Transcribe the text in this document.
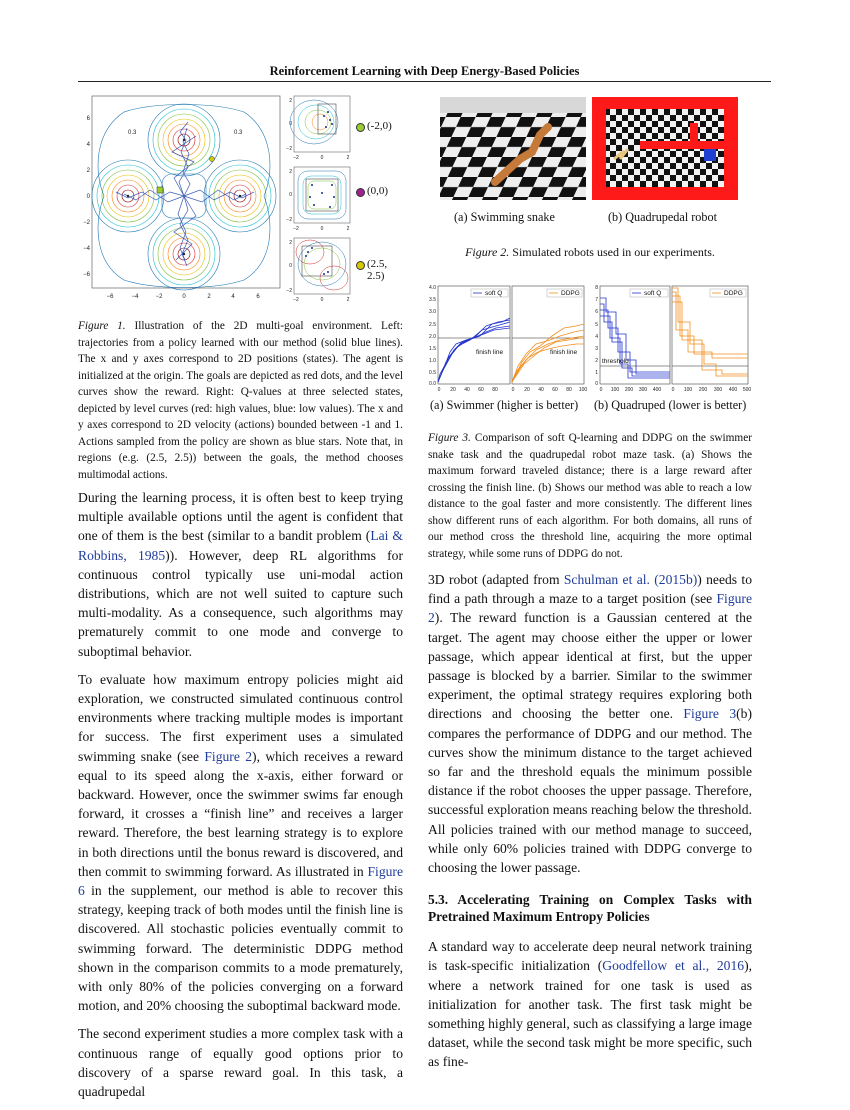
Reinforcement Learning with Deep Energy-Based Policies
0.3	0.3
6
4
2
0
−2
−4
−6
−6	−4	−2	0	2	4	6
2
0
−2
−2	0	2
2
0
−2
−2	0	2
2
0
−2
−2	0	2
(-2,0)
(0,0)
(2.5, 2.5)
Figure 1. Illustration of the 2D multi-goal environment. Left: trajectories from a policy learned with our method (solid blue lines). The x and y axes correspond to 2D positions (states). The agent is initialized at the origin. The goals are depicted as red dots, and the level curves show the reward. Right: Q-values at three selected states, depicted by level curves (red: high values, blue: low values). The x and y axes correspond to 2D velocity (actions) bounded between -1 and 1. Actions sampled from the policy are shown as blue stars. Note that, in regions (e.g. (2.5, 2.5)) between the goals, the method chooses multimodal actions.

During the learning process, it is often best to keep trying multiple available options until the agent is confident that one of them is the best (similar to a bandit problem (Lai & Robbins, 1985)). However, deep RL algorithms for continuous control typically use uni-modal action distributions, which are not well suited to capture such multi-modality. As a consequence, such algorithms may prematurely commit to one mode and converge to suboptimal behavior.

To evaluate how maximum entropy policies might aid exploration, we constructed simulated continuous control environments where tracking multiple modes is important for success. The first experiment uses a simulated swimming snake (see Figure 2), which receives a reward equal to its speed along the x-axis, either forward or backward. However, once the swimmer swims far enough forward, it crosses a “finish line” and receives a larger reward. Therefore, the best learning strategy is to explore in both directions until the bonus reward is discovered, and then commit to swimming forward. As illustrated in Figure 6 in the supplement, our method is able to recover this strategy, keeping track of both modes until the finish line is discovered. All stochastic policies eventually commit to swimming forward. The deterministic DDPG method shown in the comparison commits to a mode prematurely, with only 80% of the policies converging on a forward motion, and 20% choosing the suboptimal backward mode.

The second experiment studies a more complex task with a continuous range of equally good options prior to discovery of a sparse reward goal. In this task, a quadrupedal

(a) Swimming snake	(b) Quadrupedal robot
Figure 2. Simulated robots used in our experiments.
finish line	finish line
soft Q	DDPG
4.0
3.5
3.0
2.5
2.0
1.5
1.0
0.5
0.0
0 20 40 60 80	0 20 40 60 80 100
threshold
soft Q	DDPG
8
7
6
5
4
3
2
1
0
0 100 200 300 400 0 100 200 300 400 500
(a) Swimmer (higher is better) (b) Quadruped (lower is better)
Figure 3. Comparison of soft Q-learning and DDPG on the swimmer snake task and the quadrupedal robot maze task. (a) Shows the maximum forward traveled distance; there is a large reward after crossing the finish line. (b) Shows our method was able to reach a low distance to the goal faster and more consistently. The different lines show different runs of each algorithm. For both domains, all runs of our method cross the threshold line, acquiring the more optimal strategy, while some runs of DDPG do not.

3D robot (adapted from Schulman et al. (2015b)) needs to find a path through a maze to a target position (see Figure 2). The reward function is a Gaussian centered at the target. The agent may choose either the upper or lower passage, which appear identical at first, but the upper passage is blocked by a barrier. Similar to the swimmer experiment, the optimal strategy requires exploring both directions and choosing the better one. Figure 3(b) compares the performance of DDPG and our method. The curves show the minimum distance to the target achieved so far and the threshold equals the minimum possible distance if the robot chooses the upper passage. Therefore, successful exploration means reaching below the threshold. All policies trained with our method manage to succeed, while only 60% policies trained with DDPG converge to choosing the lower passage.

5.3. Accelerating Training on Complex Tasks with Pretrained Maximum Entropy Policies

A standard way to accelerate deep neural network training is task-specific initialization (Goodfellow et al., 2016), where a network trained for one task is used as initialization for another task. The first task might be something highly general, such as classifying a large image dataset, while the second task might be more specific, such as fine-
